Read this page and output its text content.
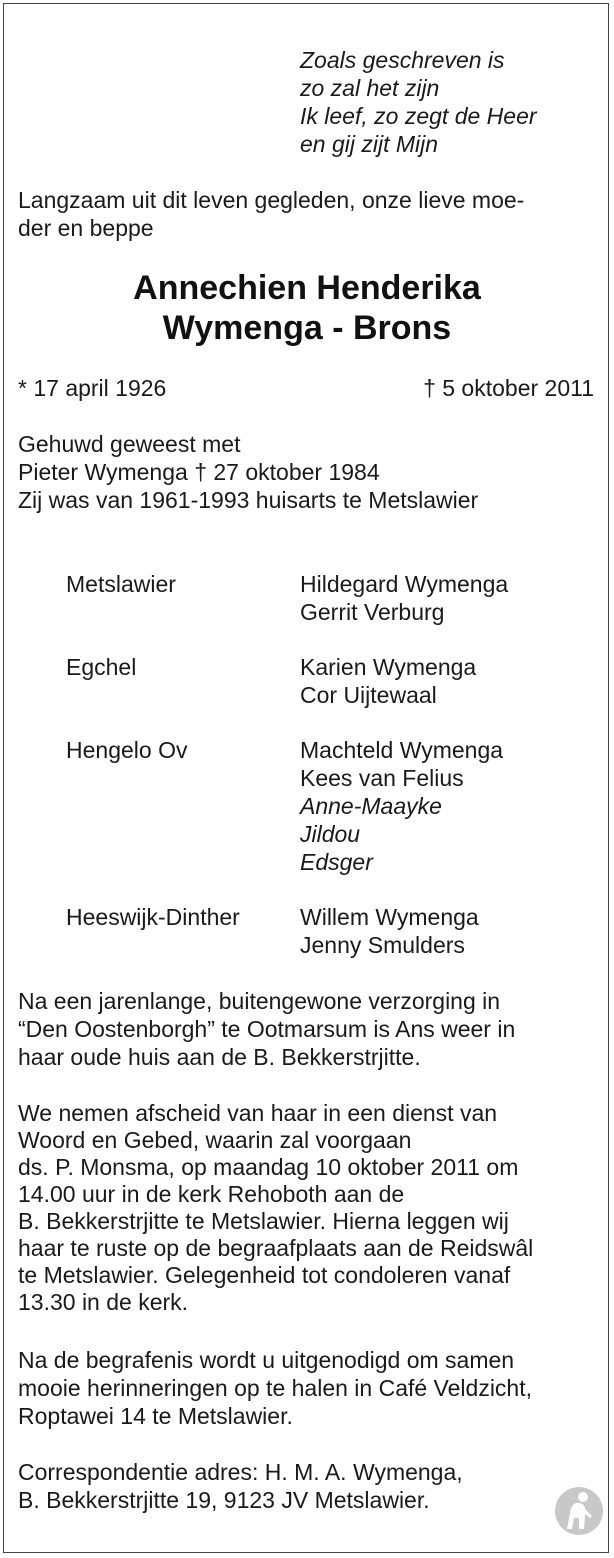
Zoals geschreven is
zo zal het zijn
Ik leef, zo zegt de Heer
en gij zijt Mijn
Langzaam uit dit leven gegleden, onze lieve moe-
der en beppe
Annechien Henderika
Wymenga - Brons
* 17 april 1926	† 5 oktober 2011
Gehuwd geweest met
Pieter Wymenga † 27 oktober 1984
Zij was van 1961-1993 huisarts te Metslawier
Metslawier	Hildegard Wymenga
Gerrit Verburg
Egchel	Karien Wymenga
Cor Uijtewaal
Hengelo Ov	Machteld Wymenga
Kees van Felius
Anne-Maayke
Jildou
Edsger
Heeswijk-Dinther	Willem Wymenga
Jenny Smulders
Na een jarenlange, buitengewone verzorging in
“Den Oostenborgh” te Ootmarsum is Ans weer in
haar oude huis aan de B. Bekkerstrjitte.
We nemen afscheid van haar in een dienst van
Woord en Gebed, waarin zal voorgaan
ds. P. Monsma, op maandag 10 oktober 2011 om
14.00 uur in de kerk Rehoboth aan de
B. Bekkerstrjitte te Metslawier. Hierna leggen wij
haar te ruste op de begraafplaats aan de Reidswâl
te Metslawier. Gelegenheid tot condoleren vanaf
13.30 in de kerk.
Na de begrafenis wordt u uitgenodigd om samen
mooie herinneringen op te halen in Café Veldzicht,
Roptawei 14 te Metslawier.
Correspondentie adres: H. M. A. Wymenga,
B. Bekkerstrjitte 19, 9123 JV Metslawier.
